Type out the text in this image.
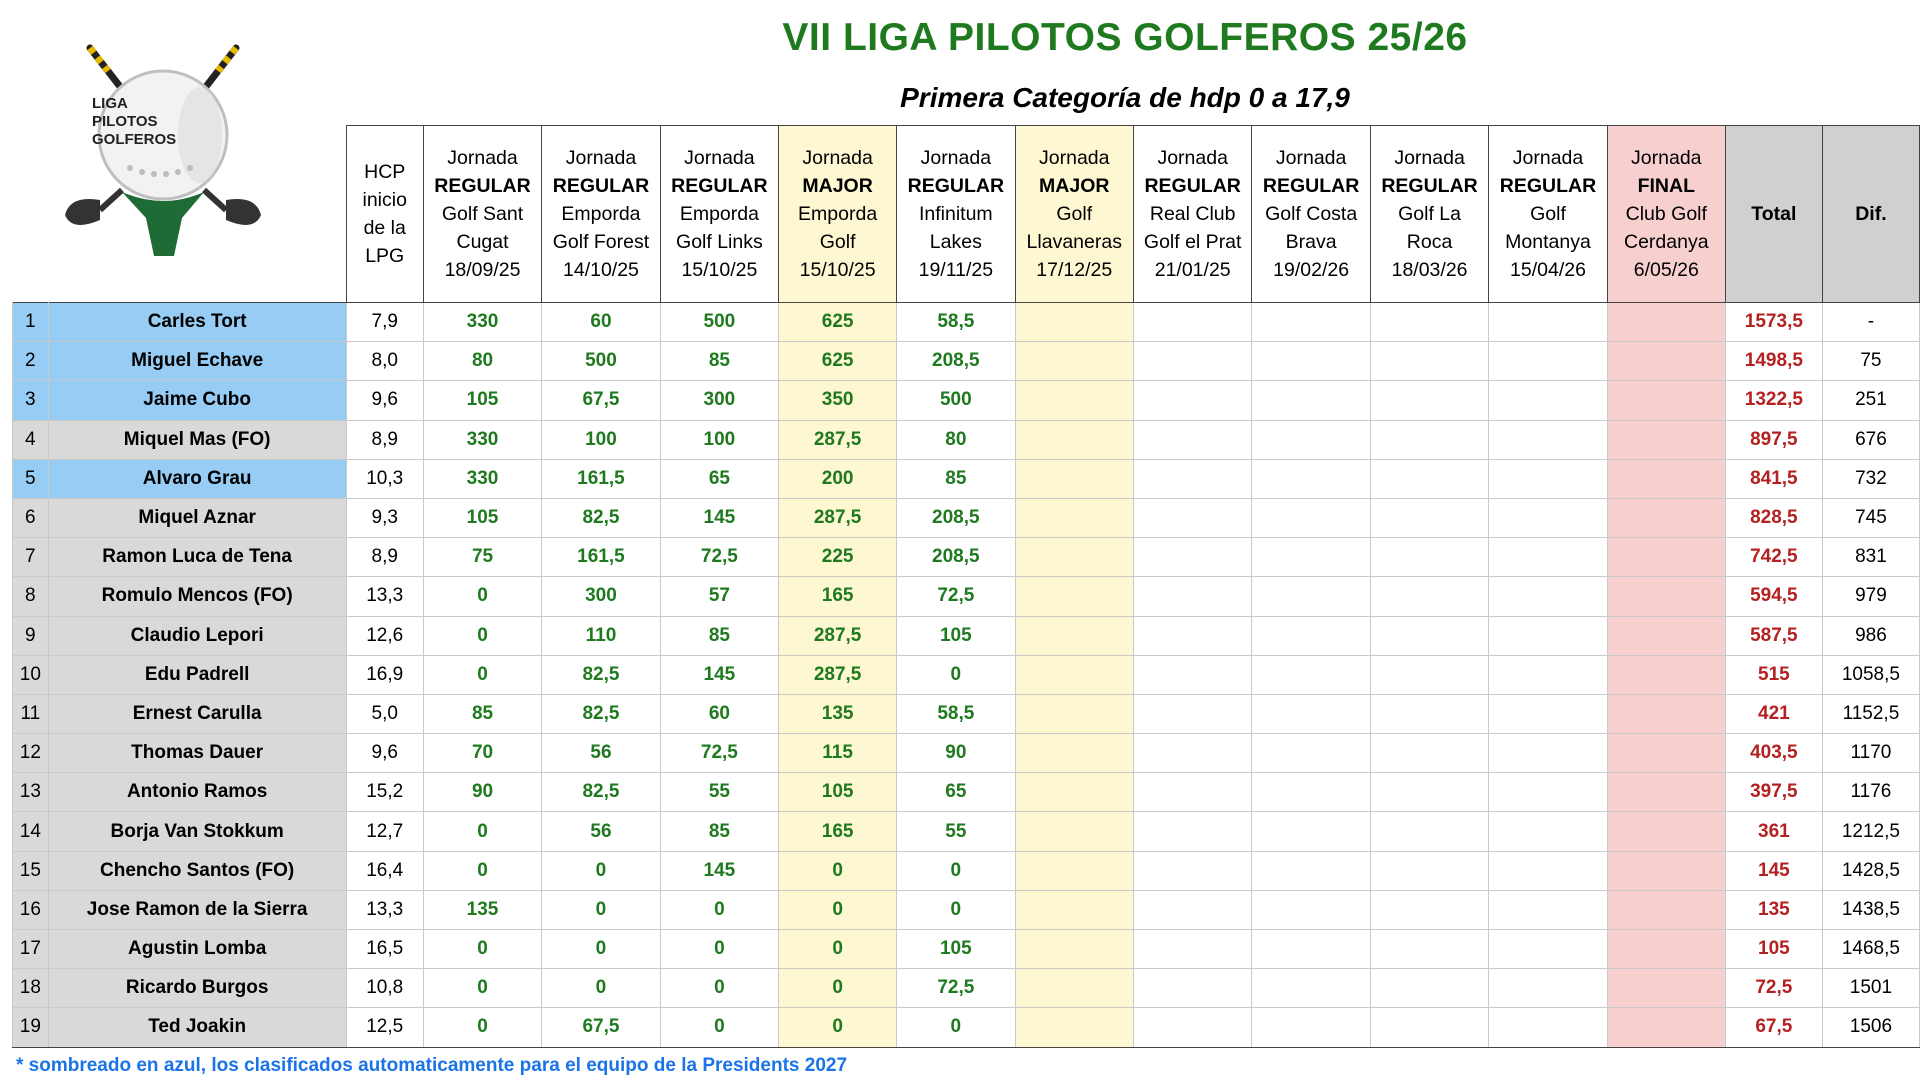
LIGA
PILOTOS
GOLFEROS
VII LIGA PILOTOS GOLFEROS 25/26
Primera Categoría de hdp 0 a 17,9
		HCP
inicio
de la
LPG	Jornada
REGULAR
Golf Sant
Cugat
18/09/25	Jornada
REGULAR
Emporda
Golf Forest
14/10/25	Jornada
REGULAR
Emporda
Golf Links
15/10/25	Jornada
MAJOR
Emporda
Golf
15/10/25	Jornada
REGULAR
Infinitum
Lakes
19/11/25	Jornada
MAJOR
Golf
Llavaneras
17/12/25	Jornada
REGULAR
Real Club
Golf el Prat
21/01/25	Jornada
REGULAR
Golf Costa
Brava
19/02/26	Jornada
REGULAR
Golf La
Roca
18/03/26	Jornada
REGULAR
Golf
Montanya
15/04/26	Jornada
FINAL
Club Golf
Cerdanya
6/05/26	Total	Dif.
1	Carles Tort	7,9	330	60	500	625	58,5							1573,5	-
2	Miguel Echave	8,0	80	500	85	625	208,5							1498,5	75
3	Jaime Cubo	9,6	105	67,5	300	350	500							1322,5	251
4	Miquel Mas (FO)	8,9	330	100	100	287,5	80							897,5	676
5	Alvaro Grau	10,3	330	161,5	65	200	85							841,5	732
6	Miquel Aznar	9,3	105	82,5	145	287,5	208,5							828,5	745
7	Ramon Luca de Tena	8,9	75	161,5	72,5	225	208,5							742,5	831
8	Romulo Mencos (FO)	13,3	0	300	57	165	72,5							594,5	979
9	Claudio Lepori	12,6	0	110	85	287,5	105							587,5	986
10	Edu Padrell	16,9	0	82,5	145	287,5	0							515	1058,5
11	Ernest Carulla	5,0	85	82,5	60	135	58,5							421	1152,5
12	Thomas Dauer	9,6	70	56	72,5	115	90							403,5	1170
13	Antonio Ramos	15,2	90	82,5	55	105	65							397,5	1176
14	Borja Van Stokkum	12,7	0	56	85	165	55							361	1212,5
15	Chencho Santos (FO)	16,4	0	0	145	0	0							145	1428,5
16	Jose Ramon de la Sierra	13,3	135	0	0	0	0							135	1438,5
17	Agustin Lomba	16,5	0	0	0	0	105							105	1468,5
18	Ricardo Burgos	10,8	0	0	0	0	72,5							72,5	1501
19	Ted Joakin	12,5	0	67,5	0	0	0							67,5	1506
* sombreado en azul, los clasificados automaticamente para el equipo de la Presidents 2027
